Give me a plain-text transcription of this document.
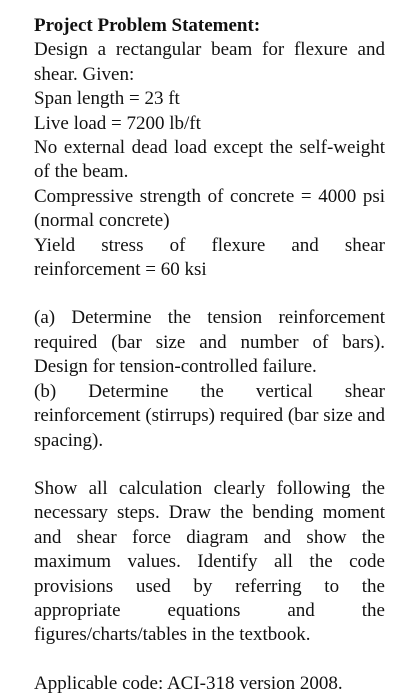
Project Problem Statement:

Design a rectangular beam for flexure and shear. Given:

Span length = 23 ft

Live load = 7200 lb/ft

No external dead load except the self-weight of the beam.

Compressive strength of concrete = 4000 psi (normal concrete)

Yield stress of flexure and shear reinforcement = 60 ksi

(a) Determine the tension reinforcement required (bar size and number of bars). Design for tension-controlled failure.

(b) Determine the vertical shear reinforcement (stirrups) required (bar size and spacing).

Show all calculation clearly following the necessary steps. Draw the bending moment and shear force diagram and show the maximum values. Identify all the code provisions used by referring to the appropriate equations and the figures/charts/tables in the textbook.

Applicable code: ACI-318 version 2008.
